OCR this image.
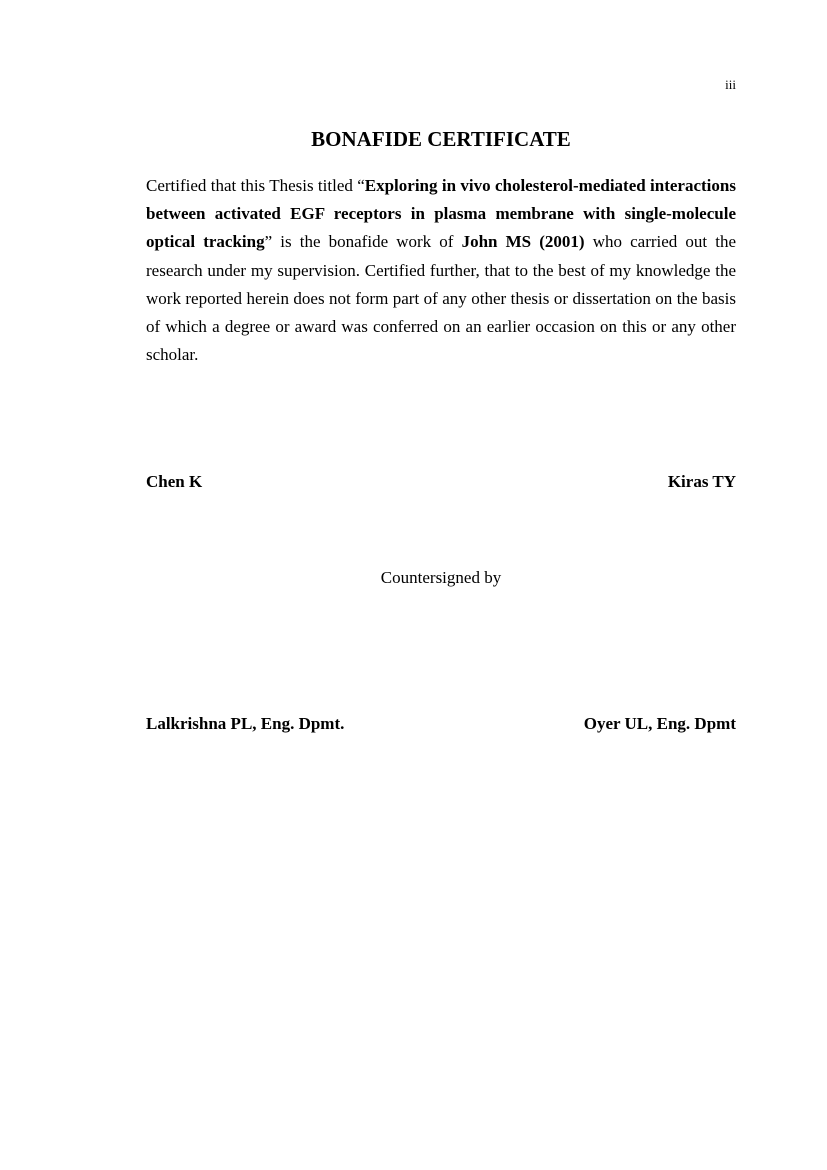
iii
BONAFIDE CERTIFICATE

Certified that this Thesis titled “Exploring in vivo cholesterol-mediated interactions between activated EGF receptors in plasma membrane with single-molecule optical tracking” is the bonafide work of John MS (2001) who carried out the research under my supervision. Certified further, that to the best of my knowledge the work reported herein does not form part of any other thesis or dissertation on the basis of which a degree or award was conferred on an earlier occasion on this or any other scholar.

Chen K	Kiras TY
Countersigned by
Lalkrishna PL, Eng. Dpmt.	Oyer UL, Eng. Dpmt
